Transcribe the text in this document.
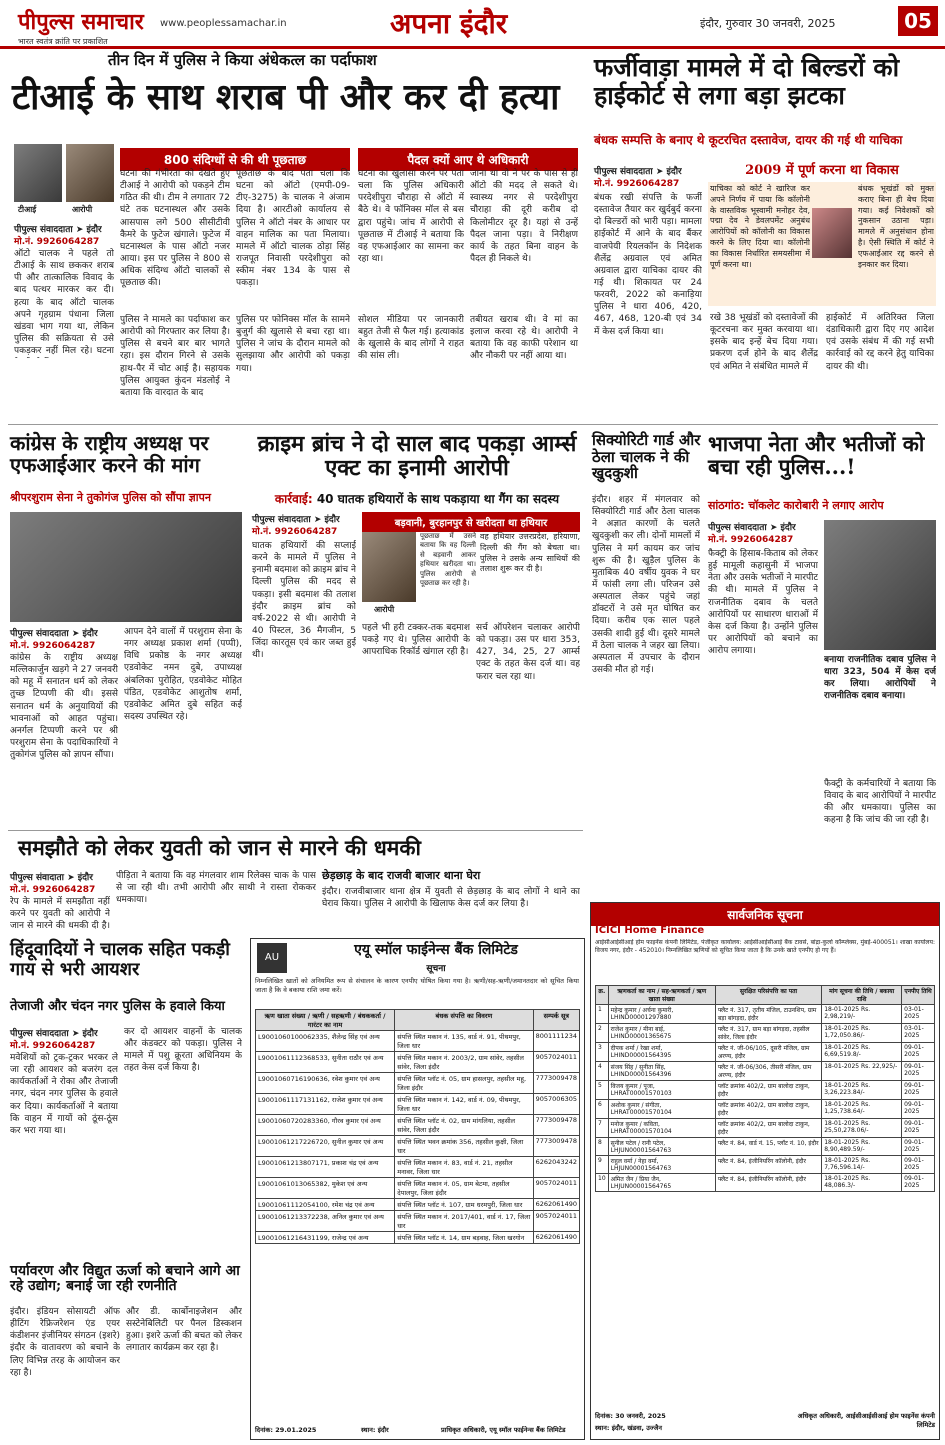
पीपुल्स समाचार
भारत स्वतंत्र क्रांति पर प्रकाशित
www.peoplessamachar.in	अपना इंदौर	इंदौर, गुरुवार 30 जनवरी, 2025	05
तीन दिन में पुलिस ने किया अंधेकत्ल का पर्दाफाश
टीआई के साथ शराब पी और कर दी हत्या
टीआई	आरोपी
पीपुल्स संवाददाता ➤ इंदौर
मो.नं. 9926064287
ऑटो चालक ने पहले तो टीआई के साथ छककर शराब पी और तात्कालिक विवाद के बाद पत्थर मारकर कर दी। हत्या के बाद ऑटो चालक अपने गृहग्राम पंधाना जिला खंडवा भाग गया था, लेकिन पुलिस की सक्रियता से उसे पकड़कर नहीं मिल रहे। घटना
800 संदिग्धों से की थी पूछताछ
घटना की गंभीरता को देखते हुए टीआई ने आरोपी को पकड़ने टीम गठित की थी। टीम ने लगातार 72 घंटे तक घटनास्थल और उसके आसपास लगे 500 सीसीटीवी कैमरे के फुटेज खंगाले। फुटेज में घटनास्थल के पास ऑटो नजर आया। इस पर पुलिस ने 800 से अधिक संदिग्ध ऑटो चालकों से पूछताछ की।
पूछताछ के बाद पता चला कि घटना को ऑटो (एमपी-09-टीए-3275) के चालक ने अंजाम दिया है। आरटीओ कार्यालय से पुलिस ने ऑटो नंबर के आधार पर वाहन मालिक का पता मिलाया। मामले में ऑटो चालक ठोड़ा सिंह राजपूत निवासी परदेशीपुरा को स्कीम नंबर 134 के पास से पकड़ा।
पैदल क्यों आए थे अधिकारी
घटना का खुलासा करने पर पता चला कि पुलिस अधिकारी परदेशीपुरा चौराहा से ऑटो में बैठे थे। वे फॉनिक्स मॉल से बस द्वारा पहुंचे। जांच में आरोपी से पूछताछ में टीआई ने बताया कि वह एफआईआर का सामना कर रहा था।
जाना था वो ने पर के पास से ही ऑटो की मदद ले सकते थे। स्वास्थ्य नगर से परदेशीपुरा चौराहा की दूरी करीब दो किलोमीटर दूर है। यहां से उन्हें पैदल जाना पड़ा। वे निरीक्षण कार्य के तहत बिना वाहन के पैदल ही निकले थे।
पुलिस ने मामले का पर्दाफाश कर आरोपी को गिरफ्तार कर लिया है। पुलिस से बचने बार बार भागते रहा। इस दौरान गिरने से उसके हाथ-पैर में चोट आई है। सहायक पुलिस आयुक्त कुंदन मंडलोई ने बताया कि वारदात के बाद
पुलिस पर फोनिक्स मॉल के सामने बुजुर्ग की खुलासे से बचा रहा था। पुलिस ने जांच के दौरान मामले को सुलझाया और आरोपी को पकड़ा गया।
सोशल मीडिया पर जानकारी बहुत तेजी से फैल गई। हत्याकांड के खुलासे के बाद लोगों ने राहत की सांस ली।
तबीयत खराब थी। वे मां का इलाज करवा रहे थे। आरोपी ने बताया कि वह काफी परेशान था और नौकरी पर नहीं आया था।
फर्जीवाड़ा मामले में दो बिल्डरों को हाईकोर्ट से लगा बड़ा झटका
बंधक सम्पत्ति के बनाए थे कूटरचित दस्तावेज, दायर की गई थी याचिका
पीपुल्स संवाददाता ➤ इंदौर
मो.नं. 9926064287
बंधक रखी संपत्ति के फर्जी दस्तावेज तैयार कर खुर्दबुर्द करना दो बिल्डरों को भारी पड़ा। मामला हाईकोर्ट में आने के बाद बैंकर वाजपेयी रियलकॉन के निदेशक शैलेंद्र अग्रवाल एवं अमित अग्रवाल द्वारा याचिका दायर की गई थी। शिकायत पर 24 फरवरी, 2022 को कनाड़िया पुलिस ने धारा 406, 420, 467, 468, 120-बी एवं 34 में केस दर्ज किया था।
2009 में पूर्ण करना था विकास
याचिका को कोर्ट ने खारिज कर अपने निर्णय में पाया कि कॉलोनी के वास्तविक भूस्वामी मनोहर देव, पद्मा देव ने डेवलपमेंट अनुबंध आरोपियों को कॉलोनी का विकास करने के लिए दिया था। कॉलोनी का विकास निर्धारित समयसीमा में पूर्ण करना था।
बंधक भूखंडों को मुक्त कराए बिना ही बेच दिया गया। कई निवेशकों को नुकसान उठाना पड़ा। मामले में अनुसंधान होना है। ऐसी स्थिति में कोर्ट ने एफआईआर रद्द करने से इनकार कर दिया।
रखे 38 भूखंडों को दस्तावेजों की कूटरचना कर मुक्त करवाया था। इसके बाद इन्हें बेच दिया गया। प्रकरण दर्ज होने के बाद शैलेंद्र एवं अमित ने संबंधित मामले में
हाईकोर्ट में अतिरिक्त जिला दंडाधिकारी द्वारा दिए गए आदेश एवं उसके संबंध में की गई सभी कार्रवाई को रद्द करने हेतु याचिका दायर की थी।
कांग्रेस के राष्ट्रीय अध्यक्ष पर एफआईआर करने की मांग
श्रीपरशुराम सेना ने तुकोगंज पुलिस को सौंपा ज्ञापन
पीपुल्स संवाददाता ➤ इंदौर
मो.नं. 9926064287
कांग्रेस के राष्ट्रीय अध्यक्ष मल्लिकार्जुन खड़गे ने 27 जनवरी को महू में सनातन धर्म को लेकर तुच्छ टिप्पणी की थी। इससे सनातन धर्म के अनुयायियों की भावनाओं को आहत पहुंचा। अनर्गल टिप्पणी करने पर श्री परशुराम सेना के पदाधिकारियों ने तुकोगंज पुलिस को ज्ञापन सौंपा।
आपन देने वालों में परशुराम सेना के नगर अध्यक्ष प्रकाश शर्मा (पप्पी), विधि प्रकोष्ठ के नगर अध्यक्ष एडवोकेट नमन दुबे, उपाध्यक्ष अंबलिका पुरोहित, एडवोकेट मोहित पंडित, एडवोकेट आशुतोष शर्मा, एडवोकेट अमित दुबे सहित कई सदस्य उपस्थित रहे।
क्राइम ब्रांच ने दो साल बाद पकड़ा आर्म्स एक्ट का इनामी आरोपी
कार्रवाई: 40 घातक हथियारों के साथ पकड़ाया था गैंग का सदस्य
पीपुल्स संवाददाता ➤ इंदौर
मो.नं. 9926064287
घातक हथियारों की सप्लाई करने के मामले में पुलिस ने इनामी बदमाश को क्राइम ब्रांच ने दिल्ली पुलिस की मदद से पकड़ा। इसी बदमाश की तलाश इंदौर क्राइम ब्रांच को वर्ष-2022 से थी। आरोपी ने 40 पिस्टल, 36 मैगजीन, 5 जिंदा कारतूस एवं कार जब्त हुई थी।
बड़वानी, बुरहानपुर से खरीदता था हथियार
आरोपी
पूछताछ में उसने बताया कि वह दिल्ली से बड़वानी आकर हथियार खरीदता था। पुलिस आरोपी से पूछताछ कर रही है।
वह हथियार उत्तरप्रदेश, हरियाणा, दिल्ली की गैंग को बेचता था। पुलिस ने उसके अन्य साथियों की तलाश शुरू कर दी है।
पहले भी हरी टक्कर-तक बदमाश पकड़े गए थे। पुलिस आरोपी के आपराधिक रिकॉर्ड खंगाल रही है।
सर्च ऑपरेशन चलाकर आरोपी को पकड़ा। उस पर धारा 353, 427, 34, 25, 27 आर्म्स एक्ट के तहत केस दर्ज था। वह फरार चल रहा था।
सिक्योरिटी गार्ड और ठेला चालक ने की खुदकुशी
इंदौर। शहर में मंगलवार को सिक्योरिटी गार्ड और ठेला चालक ने अज्ञात कारणों के चलते खुदकुशी कर ली। दोनों मामलों में पुलिस ने मर्ग कायम कर जांच शुरू की है। खुड़ैल पुलिस के मुताबिक 40 वर्षीय युवक ने घर में फांसी लगा ली। परिजन उसे अस्पताल लेकर पहुंचे जहां डॉक्टरों ने उसे मृत घोषित कर दिया। करीब एक साल पहले उसकी शादी हुई थी। दूसरे मामले में ठेला चालक ने जहर खा लिया। अस्पताल में उपचार के दौरान उसकी मौत हो गई।
भाजपा नेता और भतीजों को बचा रही पुलिस...!
सांठगांठ: चॉकलेट कारोबारी ने लगाए आरोप
पीपुल्स संवाददाता ➤ इंदौर
मो.नं. 9926064287
फैक्ट्री के हिसाब-किताब को लेकर हुई मामूली कहासुनी में भाजपा नेता और उसके भतीजों ने मारपीट की थी। मामले में पुलिस ने राजनीतिक दबाव के चलते आरोपियों पर साधारण धाराओं में केस दर्ज किया है। उन्होंने पुलिस पर आरोपियों को बचाने का आरोप लगाया।
बनाया राजनीतिक दबाव पुलिस ने धारा 323, 504 में केस दर्ज कर लिया। आरोपियों ने राजनीतिक दबाव बनाया।
फैक्ट्री के कर्मचारियों ने बताया कि विवाद के बाद आरोपियों ने मारपीट की और धमकाया। पुलिस का कहना है कि जांच की जा रही है।
समझौते को लेकर युवती को जान से मारने की धमकी
पीपुल्स संवादाता ➤ इंदौर
मो.नं. 9926064287
रेप के मामले में समझौता नहीं करने पर युवती को आरोपी ने जान से मारने की धमकी दी है।
पीड़िता ने बताया कि वह मंगलवार शाम रिलेक्स चाक के पास से जा रही थी। तभी आरोपी और साथी ने रास्ता रोककर धमकाया।
छेड़छाड़ के बाद राजवी बाजार थाना घेरा
इंदौर। राजवीबाजार थाना क्षेत्र में युवती से छेड़छाड़ के बाद लोगों ने थाने का घेराव किया। पुलिस ने आरोपी के खिलाफ केस दर्ज कर लिया है।
हिंदूवादियों ने चालक सहित पकड़ी गाय से भरी आयशर
तेजाजी और चंदन नगर पुलिस के हवाले किया
पीपुल्स संवाददाता ➤ इंदौर
मो.नं. 9926064287
मवेशियों को ट्रक-ट्रकर भरकर ले जा रही आयशर को बजरंग दल कार्यकर्ताओं ने रोका और तेजाजी नगर, चंदन नगर पुलिस के हवाले कर दिया। कार्यकर्ताओं ने बताया कि वाहन में गायों को ठूंस-ठूंस कर भरा गया था।
कर दो आयशर वाहनों के चालक और कंडक्टर को पकड़ा। पुलिस ने मामले में पशु क्रूरता अधिनियम के तहत केस दर्ज किया है।
पर्यावरण और विद्युत ऊर्जा को बचाने आगे आ रहे उद्योग; बनाई जा रही रणनीति
इंदौर। इंडियन सोसायटी ऑफ हीटिंग रेफ्रिजरेशन एंड एयर कंडीशनर इंजीनियर संगठन (इशरे) इंदौर के वातावरण को बचाने के लिए विभिन्न तरह के आयोजन कर रहा है।
और डी. कार्बोनाइजेशन और सस्टेनेबिलिटी पर पैनल डिस्कशन हुआ। इशरे ऊर्जा की बचत को लेकर लगातार कार्यक्रम कर रहा है।
AU	एयू स्मॉल फाईनेन्स बैंक लिमिटेड
सूचना
निम्नलिखित खातों को अनियमित रूप से संचालन के कारण एनपीए घोषित किया गया है। ऋणी/सह-ऋणी/जमानतदार को सूचित किया जाता है कि वे बकाया राशि जमा करें।
ऋण खाता संख्या / ऋणी / सहऋणी / बंधककर्ता / गारंटर का नाम	बंधक संपत्ति का विवरण	सम्पर्क सूत्र
L9001060100062335, शैलेन्द्र सिंह एवं अन्य	संपत्ति स्थित मकान नं. 135, वार्ड नं. 91, पीथमपुर, जिला धार	8001111234
L9001061112368533, सुनीता राठौर एवं अन्य	संपत्ति स्थित मकान नं. 2003/2, ग्राम सांवेर, तहसील सांवेर, जिला इंदौर	9057024011
L9001060716190636, रवेश कुमार एवं अन्य	संपत्ति स्थित प्लॉट नं. 05, ग्राम हासलपुर, तहसील महू, जिला इंदौर	7773009478
L9001061117131162, राजेश कुमार एवं अन्य	संपत्ति स्थित मकान नं. 142, वार्ड नं. 09, पीथमपुर, जिला धार	9057006305
L9001060720283360, गौरव कुमार एवं अन्य	संपत्ति स्थित प्लॉट नं. 02, ग्राम मांगलिया, तहसील सांवेर, जिला इंदौर	7773009478
L9001061217226720, सुनील कुमार एवं अन्य	संपत्ति स्थित भवन क्रमांक 356, तहसील कुक्षी, जिला धार	7773009478
L9001061213807171, प्रकाश चंद्र एवं अन्य	संपत्ति स्थित मकान नं. 83, वार्ड नं. 21, तहसील मनावर, जिला धार	6262043242
L9001061013065382, मुकेश एवं अन्य	संपत्ति स्थित मकान नं. 05, ग्राम बेटमा, तहसील देपालपुर, जिला इंदौर	9057024011
L9001061112054100, रमेश चंद्र एवं अन्य	संपत्ति स्थित प्लॉट नं. 107, ग्राम धरमपुरी, जिला धार	6262061490
L9001061213372238, अनिल कुमार एवं अन्य	संपत्ति स्थित मकान नं. 2017/401, वार्ड नं. 17, जिला धार	9057024011
L9001061216431199, राजेन्द्र एवं अन्य	संपत्ति स्थित प्लॉट नं. 14, ग्राम बड़वाह, जिला खरगोन	6262061490
दिनांक: 29.01.2025	स्थान: इंदौर	प्राधिकृत अधिकारी, एयू स्मॉल फाईनेन्स बैंक लिमिटेड
सार्वजनिक सूचना
ICICI Home Finance
आईसीआईसीआई होम फाइनेंस कंपनी लिमिटेड, पंजीकृत कार्यालय: आईसीआईसीआई बैंक टावर्स, बांद्रा-कुर्ला कॉम्प्लेक्स, मुंबई-400051। शाखा कार्यालय: विजय नगर, इंदौर - 452010। निम्नलिखित ऋणियों को सूचित किया जाता है कि उनके खाते एनपीए हो गए हैं।
क्र.	ऋणकर्ता का नाम / सह-ऋणकर्ता / ऋण खाता संख्या	सुरक्षित परिसंपत्ति का पता	मांग सूचना की तिथि / बकाया राशि	एनपीए तिथि
1	महेन्द्र कुमार / अर्चना कुमारी, LHIND00001297880	फ्लैट नं. 317, तृतीय मंजिल, टाउनशिप, ग्राम बड़ा बांगड़दा, इंदौर	18-01-2025 Rs. 2,98,219/-	03-01-2025
2	राजेश कुमार / मीना बाई, LHIND00001365675	फ्लैट नं. 317, ग्राम बड़ा बांगड़दा, तहसील सांवेर, जिला इंदौर	18-01-2025 Rs. 1,72,050.86/-	03-01-2025
3	दीपक शर्मा / रेखा शर्मा, LHIND00001564395	फ्लैट नं. जी-06/105, दूसरी मंजिल, ग्राम अरण्य, इंदौर	18-01-2025 Rs. 6,69,519.8/-	09-01-2025
4	संजय सिंह / सुनीता सिंह, LHIND00001564396	फ्लैट नं. जी-06/306, तीसरी मंजिल, ग्राम अरण्य, इंदौर	18-01-2025 Rs. 22,925/-	09-01-2025
5	विजय कुमार / पूजा, LHRAT00001570103	प्लॉट क्रमांक 402/2, ग्राम बालोदा टाकुन, इंदौर	18-01-2025 Rs. 3,26,223.84/-	09-01-2025
6	अशोक कुमार / संगीता, LHRAT00001570104	प्लॉट क्रमांक 402/2, ग्राम बालोदा टाकुन, इंदौर	18-01-2025 Rs. 1,25,738.64/-	09-01-2025
7	मनोज कुमार / कविता, LHRAT00001570104	प्लॉट क्रमांक 402/2, ग्राम बालोदा टाकुन, इंदौर	18-01-2025 Rs. 25,50,278.06/-	09-01-2025
8	सुनील पटेल / रानी पटेल, LHJUN00001564763	फ्लैट नं. 84, वार्ड नं. 15, प्लॉट नं. 10, इंदौर	18-01-2025 Rs. 8,90,489.59/-	09-01-2025
9	राहुल वर्मा / नेहा वर्मा, LHJUN00001564763	फ्लैट नं. 84, इंजीनियरिंग कॉलोनी, इंदौर	18-01-2025 Rs. 7,76,596.14/-	09-01-2025
10	अमित जैन / प्रिया जैन, LHJUN00001564765	फ्लैट नं. 84, इंजीनियरिंग कॉलोनी, इंदौर	18-01-2025 Rs. 48,086.3/-	09-01-2025
दिनांक: 30 जनवरी, 2025
स्थान: इंदौर, खंडवा, उज्जैन
अधिकृत अधिकारी, आईसीआईसीआई होम फाइनेंस कंपनी लिमिटेड
